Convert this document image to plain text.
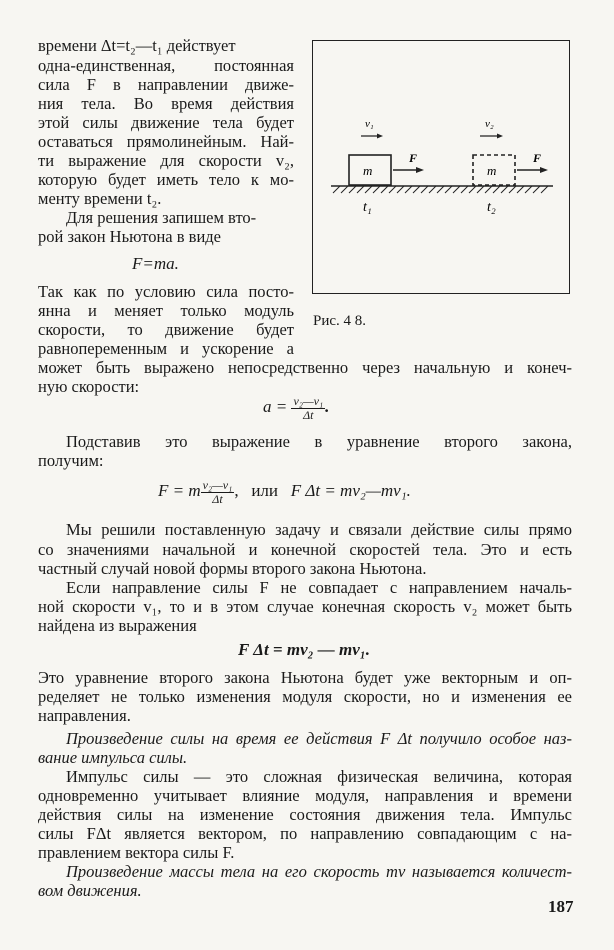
времени Δt=t₂—t₁ действует
одна-единственная, постоянная
сила F в направлении движе-
ния тела. Во время действия
этой силы движение тела будет
оставаться прямолинейным. Най-
ти выражение для скорости v₂,
которую будет иметь тело к мо-
менту времени t₂.
Для решения запишем вто-
рой закон Ньютона в виде
F=ma.
Так как по условию сила посто-
янна и меняет только модуль
скорости, то движение будет
равнопеременным и ускорение a
m
F
v₁
m
F
v₂
t₁	t₂
Рис. 4 8.
может быть выражено непосредственно через начальную и конеч-
ную скорости:
$a = \frac{\text{v₂—v₁}}{\Delta t}$ .
Подставив это выражение в уравнение второго закона,
получим:
F = m $\frac{\text{v₂—v₁}}{\Delta t}$ ,   или   F Δt = mv₂—mv₁.
Мы решили поставленную задачу и связали действие силы прямо
со значениями начальной и конечной скоростей тела. Это и есть
частный случай новой формы второго закона Ньютона.
Если направление силы F не совпадает с направлением началь-
ной скорости v₁, то и в этом случае конечная скорость v₂ может быть
найдена из выражения
F Δt = mv₂ — mv₁.
Это уравнение второго закона Ньютона будет уже векторным и оп-
ределяет не только изменения модуля скорости, но и изменения ее
направления.
Произведение силы на время ее действия F Δt получило особое наз-
вание импульса силы.
Импульс силы — это сложная физическая величина, которая
одновременно учитывает влияние модуля, направления и времени
действия силы на изменение состояния движения тела. Импульс
силы FΔt является вектором, по направлению совпадающим с на-
правлением вектора силы F.
Произведение массы тела на его скорость mv называется количест-
вом движения.
187
